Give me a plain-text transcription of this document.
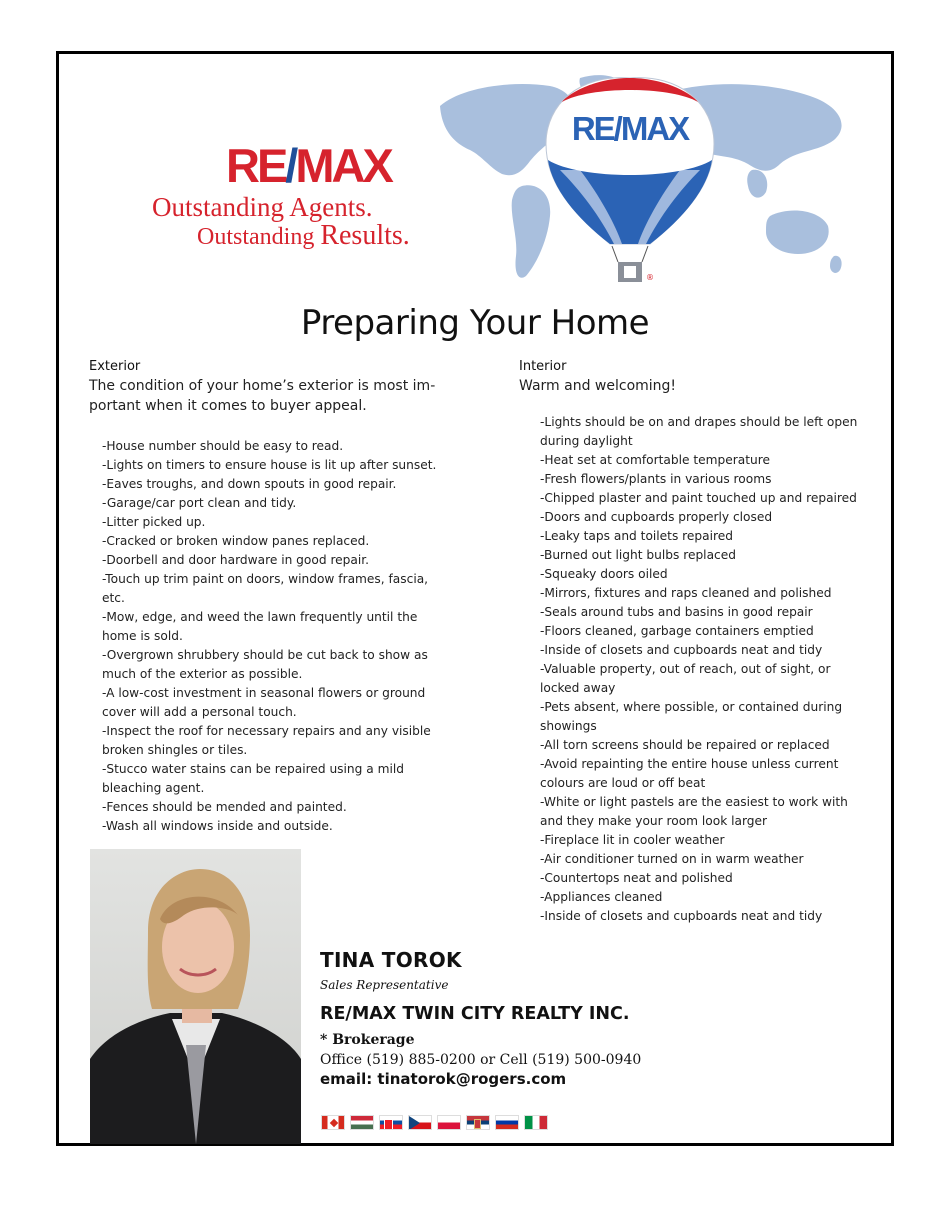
RE/MAX
Outstanding Agents.
Outstanding Results.
RE/MAX
®
Preparing Your Home
Exterior

The condition of your home’s exterior is most im-portant when it comes to buyer appeal.

-House number should be easy to read.
-Lights on timers to ensure house is lit up after sunset.
-Eaves troughs, and down spouts in good repair.
-Garage/car port clean and tidy.
-Litter picked up.
-Cracked or broken window panes replaced.
-Doorbell and door hardware in good repair.
-Touch up trim paint on doors, window frames, fascia, etc.
-Mow, edge, and weed the lawn frequently until the home is sold.
-Overgrown shrubbery should be cut back to show as much of the exterior as possible.
-A low-cost investment in seasonal flowers or ground cover will add a personal touch.
-Inspect the roof for necessary repairs and any visible broken shingles or tiles.
-Stucco water stains can be repaired using a mild bleaching agent.
-Fences should be mended and painted.
-Wash all windows inside and outside.
Interior

Warm and welcoming!

-Lights should be on and drapes should be left open during daylight
-Heat set at comfortable temperature
-Fresh flowers/plants in various rooms
-Chipped plaster and paint touched up and repaired
-Doors and cupboards properly closed
-Leaky taps and toilets repaired
-Burned out light bulbs replaced
-Squeaky doors oiled
-Mirrors, fixtures and raps cleaned and polished
-Seals around tubs and basins in good repair
-Floors cleaned, garbage containers emptied
-Inside of closets and cupboards neat and tidy
-Valuable property, out of reach, out of sight, or locked away
-Pets absent, where possible, or contained during showings
-All torn screens should be repaired or replaced
-Avoid repainting the entire house unless current colours are loud or off beat
-White or light pastels are the easiest to work with and they make your room look larger
-Fireplace lit in cooler weather
-Air conditioner turned on in warm weather
-Countertops neat and polished
-Appliances cleaned
-Inside of closets and cupboards neat and tidy
TINA TOROK
Sales Representative
RE/MAX TWIN CITY REALTY INC.
* Brokerage
Office (519) 885-0200 or Cell (519) 500-0940
email: tinatorok@rogers.com
